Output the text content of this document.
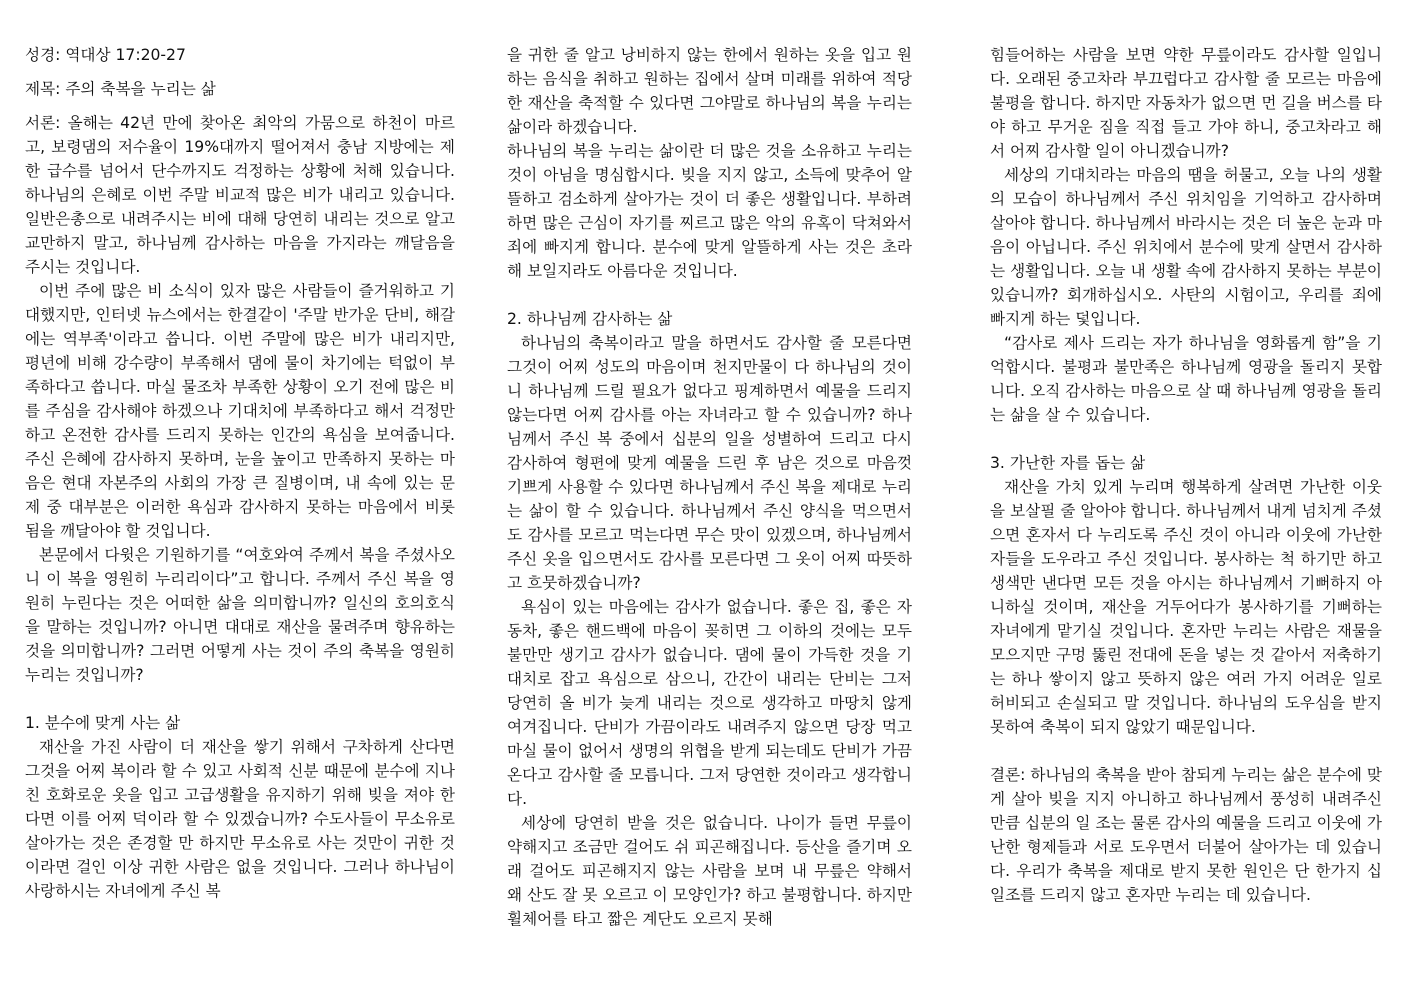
성경: 역대상 17:20-27

제목: 주의 축복을 누리는 삶

서론: 올해는 42년 만에 찾아온 최악의 가뭄으로 하천이 마르고, 보령댐의 저수율이 19%대까지 떨어져서 충남 지방에는 제한 급수를 넘어서 단수까지도 걱정하는 상황에 처해 있습니다. 하나님의 은혜로 이번 주말 비교적 많은 비가 내리고 있습니다. 일반은총으로 내려주시는 비에 대해 당연히 내리는 것으로 알고 교만하지 말고, 하나님께 감사하는 마음을 가지라는 깨달음을 주시는 것입니다.

이번 주에 많은 비 소식이 있자 많은 사람들이 즐거워하고 기대했지만, 인터넷 뉴스에서는 한결같이 '주말 반가운 단비, 해갈에는 역부족'이라고 씁니다. 이번 주말에 많은 비가 내리지만, 평년에 비해 강수량이 부족해서 댐에 물이 차기에는 턱없이 부족하다고 씁니다. 마실 물조차 부족한 상황이 오기 전에 많은 비를 주심을 감사해야 하겠으나 기대치에 부족하다고 해서 걱정만 하고 온전한 감사를 드리지 못하는 인간의 욕심을 보여줍니다. 주신 은혜에 감사하지 못하며, 눈을 높이고 만족하지 못하는 마음은 현대 자본주의 사회의 가장 큰 질병이며, 내 속에 있는 문제 중 대부분은 이러한 욕심과 감사하지 못하는 마음에서 비롯됨을 깨달아야 할 것입니다.

본문에서 다윗은 기원하기를 “여호와여 주께서 복을 주셨사오니 이 복을 영원히 누리리이다”고 합니다. 주께서 주신 복을 영원히 누린다는 것은 어떠한 삶을 의미합니까? 일신의 호의호식을 말하는 것입니까? 아니면 대대로 재산을 물려주며 향유하는 것을 의미합니까? 그러면 어떻게 사는 것이 주의 축복을 영원히 누리는 것입니까?

1. 분수에 맞게 사는 삶

재산을 가진 사람이 더 재산을 쌓기 위해서 구차하게 산다면 그것을 어찌 복이라 할 수 있고 사회적 신분 때문에 분수에 지나친 호화로운 옷을 입고 고급생활을 유지하기 위해 빚을 져야 한다면 이를 어찌 덕이라 할 수 있겠습니까? 수도사들이 무소유로 살아가는 것은 존경할 만 하지만 무소유로 사는 것만이 귀한 것이라면 걸인 이상 귀한 사람은 없을 것입니다. 그러나 하나님이 사랑하시는 자녀에게 주신 복

을 귀한 줄 알고 낭비하지 않는 한에서 원하는 옷을 입고 원하는 음식을 취하고 원하는 집에서 살며 미래를 위하여 적당한 재산을 축적할 수 있다면 그야말로 하나님의 복을 누리는 삶이라 하겠습니다.

하나님의 복을 누리는 삶이란 더 많은 것을 소유하고 누리는 것이 아님을 명심합시다. 빚을 지지 않고, 소득에 맞추어 알뜰하고 검소하게 살아가는 것이 더 좋은 생활입니다. 부하려 하면 많은 근심이 자기를 찌르고 많은 악의 유혹이 닥쳐와서 죄에 빠지게 합니다. 분수에 맞게 알뜰하게 사는 것은 초라해 보일지라도 아름다운 것입니다.

2. 하나님께 감사하는 삶

하나님의 축복이라고 말을 하면서도 감사할 줄 모른다면 그것이 어찌 성도의 마음이며 천지만물이 다 하나님의 것이니 하나님께 드릴 필요가 없다고 핑계하면서 예물을 드리지 않는다면 어찌 감사를 아는 자녀라고 할 수 있습니까? 하나님께서 주신 복 중에서 십분의 일을 성별하여 드리고 다시 감사하여 형편에 맞게 예물을 드린 후 남은 것으로 마음껏 기쁘게 사용할 수 있다면 하나님께서 주신 복을 제대로 누리는 삶이 할 수 있습니다. 하나님께서 주신 양식을 먹으면서도 감사를 모르고 먹는다면 무슨 맛이 있겠으며, 하나님께서 주신 옷을 입으면서도 감사를 모른다면 그 옷이 어찌 따뜻하고 흐뭇하겠습니까?

욕심이 있는 마음에는 감사가 없습니다. 좋은 집, 좋은 자동차, 좋은 핸드백에 마음이 꽂히면 그 이하의 것에는 모두 불만만 생기고 감사가 없습니다. 댐에 물이 가득한 것을 기대치로 잡고 욕심으로 삼으니, 간간이 내리는 단비는 그저 당연히 올 비가 늦게 내리는 것으로 생각하고 마땅치 않게 여겨집니다. 단비가 가끔이라도 내려주지 않으면 당장 먹고 마실 물이 없어서 생명의 위협을 받게 되는데도 단비가 가끔 온다고 감사할 줄 모릅니다. 그저 당연한 것이라고 생각합니다.

세상에 당연히 받을 것은 없습니다. 나이가 들면 무릎이 약해지고 조금만 걸어도 쉬 피곤해집니다. 등산을 즐기며 오래 걸어도 피곤해지지 않는 사람을 보며 내 무릎은 약해서 왜 산도 잘 못 오르고 이 모양인가? 하고 불평합니다. 하지만 휠체어를 타고 짧은 계단도 오르지 못해

힘들어하는 사람을 보면 약한 무릎이라도 감사할 일입니다. 오래된 중고차라 부끄럽다고 감사할 줄 모르는 마음에 불평을 합니다. 하지만 자동차가 없으면 먼 길을 버스를 타야 하고 무거운 짐을 직접 들고 가야 하니, 중고차라고 해서 어찌 감사할 일이 아니겠습니까?

세상의 기대치라는 마음의 땜을 허물고, 오늘 나의 생활의 모습이 하나님께서 주신 위치임을 기억하고 감사하며 살아야 합니다. 하나님께서 바라시는 것은 더 높은 눈과 마음이 아닙니다. 주신 위치에서 분수에 맞게 살면서 감사하는 생활입니다. 오늘 내 생활 속에 감사하지 못하는 부분이 있습니까? 회개하십시오. 사탄의 시험이고, 우리를 죄에 빠지게 하는 덫입니다.

“감사로 제사 드리는 자가 하나님을 영화롭게 함”을 기억합시다. 불평과 불만족은 하나님께 영광을 돌리지 못합니다. 오직 감사하는 마음으로 살 때 하나님께 영광을 돌리는 삶을 살 수 있습니다.

3. 가난한 자를 돕는 삶

재산을 가치 있게 누리며 행복하게 살려면 가난한 이웃을 보살필 줄 알아야 합니다. 하나님께서 내게 넘치게 주셨으면 혼자서 다 누리도록 주신 것이 아니라 이웃에 가난한 자들을 도우라고 주신 것입니다. 봉사하는 척 하기만 하고 생색만 낸다면 모든 것을 아시는 하나님께서 기뻐하지 아니하실 것이며, 재산을 거두어다가 봉사하기를 기뻐하는 자녀에게 맡기실 것입니다. 혼자만 누리는 사람은 재물을 모으지만 구멍 뚫린 전대에 돈을 넣는 것 같아서 저축하기는 하나 쌓이지 않고 뜻하지 않은 여러 가지 어려운 일로 허비되고 손실되고 말 것입니다. 하나님의 도우심을 받지 못하여 축복이 되지 않았기 때문입니다.

결론: 하나님의 축복을 받아 참되게 누리는 삶은 분수에 맞게 살아 빚을 지지 아니하고 하나님께서 풍성히 내려주신 만큼 십분의 일 조는 물론 감사의 예물을 드리고 이웃에 가난한 형제들과 서로 도우면서 더불어 살아가는 데 있습니다. 우리가 축복을 제대로 받지 못한 원인은 단 한가지 십일조를 드리지 않고 혼자만 누리는 데 있습니다.
